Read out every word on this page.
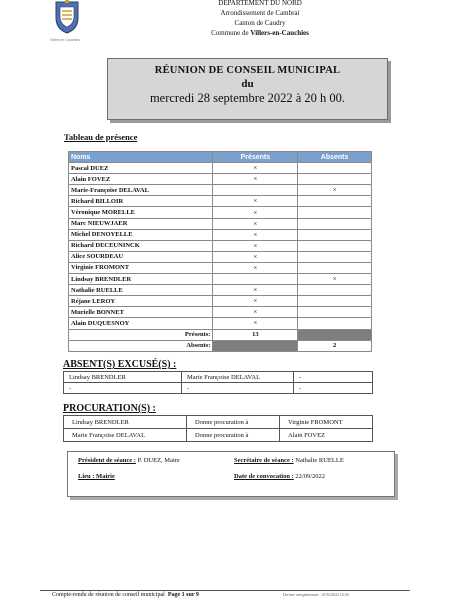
Villers en Cauchies
DEPARTEMENT DU NORD
Arrondissement de Cambrai
Canton de Caudry
Commune de Villers-en-Cauchies
RÉUNION DE CONSEIL MUNICIPAL
du
mercredi 28 septembre 2022 à 20 h 00.
Tableau de présence
Noms	Présents	Absents
Pascal DUEZ	×	
Alain FOVEZ	×	
Marie-Françoise DELAVAL		×
Richard BILLOIR	×	
Véronique MORELLE	×	
Marc NIEUWJAER	×	
Michel DENOYELLE	×	
Richard DECEUNINCK	×	
Alice SOURDEAU	×	
Virginie FROMONT	×	
Lindsay BRENDLER		×
Nathalie RUELLE	×	
Réjane LEROY	×	
Murielle BONNET	×	
Alain DUQUESNOY	×	
Présents:	13	
Absents:		2
ABSENT(S) EXCUSÉ(S) :
Lindsay BRENDLER	Marie Françoise DELAVAL	-
-	-	-
PROCURATION(S) :
Lindsay BRENDLER	Donne procuration à	Virginie FROMONT
Marie Françoise DELAVAL	Donne procuration à	Alain FOVEZ
Président de séance : P. DUEZ, Maire	Secrétaire de séance : Nathalie RUELLE
Lieu : Mairie	Date de convocation : 22/09/2022
Compte-rendu de réunion de conseil municipal Page 1 sur 9	Dernier enregistrement : 03/10/2022 16:50
